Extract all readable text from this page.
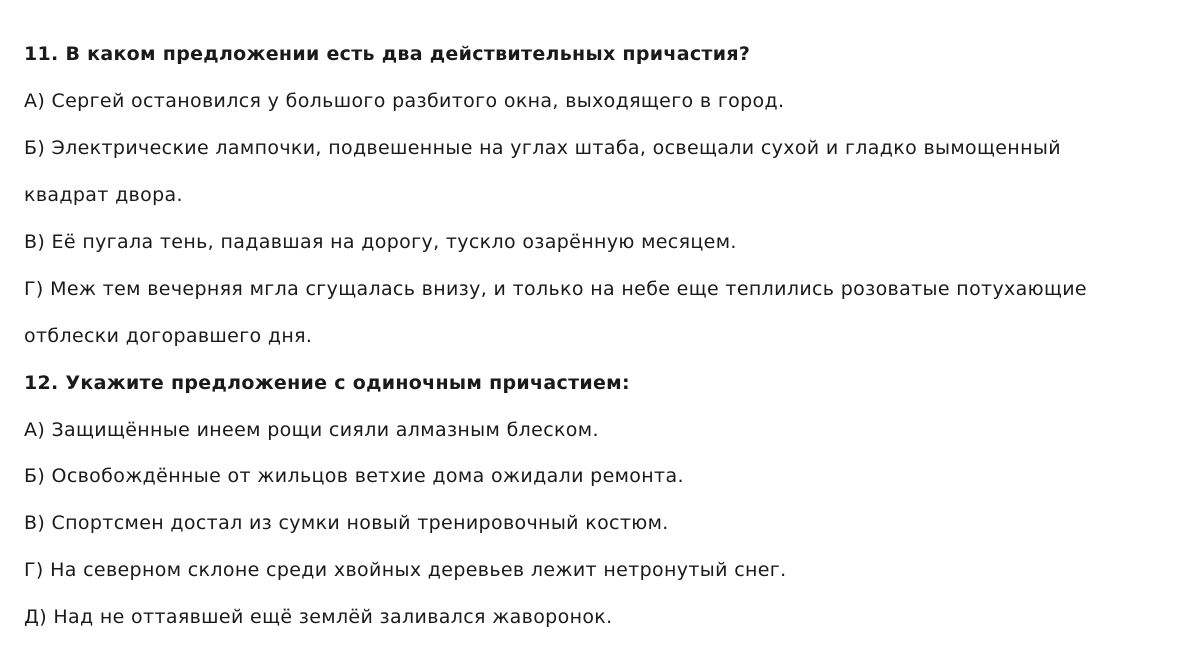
11. В каком предложении есть два действительных причастия?
А) Сергей остановился у большого разбитого окна, выходящего в город.
Б) Электрические лампочки, подвешенные на углах штаба, освещали сухой и гладко вымощенный
квадрат двора.
В) Её пугала тень, падавшая на дорогу, тускло озарённую месяцем.
Г) Меж тем вечерняя мгла сгущалась внизу, и только на небе еще теплились розоватые потухающие
отблески догоравшего дня.
12. Укажите предложение с одиночным причастием:
А) Защищённые инеем рощи сияли алмазным блеском.
Б) Освобождённые от жильцов ветхие дома ожидали ремонта.
В) Спортсмен достал из сумки новый тренировочный костюм.
Г) На северном склоне среди хвойных деревьев лежит нетронутый снег.
Д) Над не оттаявшей ещё землёй заливался жаворонок.
